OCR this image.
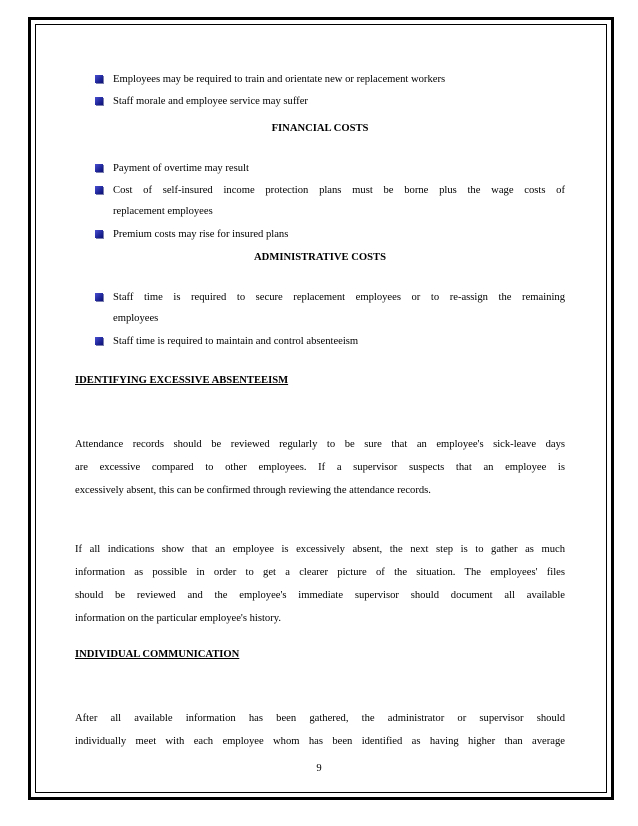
Employees may be required to train and orientate new or replacement workers
Staff morale and employee service may suffer
FINANCIAL COSTS
Payment of overtime may result
Cost of self-insured income protection plans must be borne plus the wage costs of
replacement employees
Premium costs may rise for insured plans
ADMINISTRATIVE COSTS
Staff time is required to secure replacement employees or to re-assign the remaining
employees
Staff time is required to maintain and control absenteeism
IDENTIFYING EXCESSIVE ABSENTEEISM
Attendance records should be reviewed regularly to be sure that an employee's sick-leave days
are excessive compared to other employees. If a supervisor suspects that an employee is
excessively absent, this can be confirmed through reviewing the attendance records.
If all indications show that an employee is excessively absent, the next step is to gather as much
information as possible in order to get a clearer picture of the situation. The employees' files
should be reviewed and the employee's immediate supervisor should document all available
information on the particular employee's history.
INDIVIDUAL COMMUNICATION
After all available information has been gathered, the administrator or supervisor should
individually meet with each employee whom has been identified as having higher than average
9
